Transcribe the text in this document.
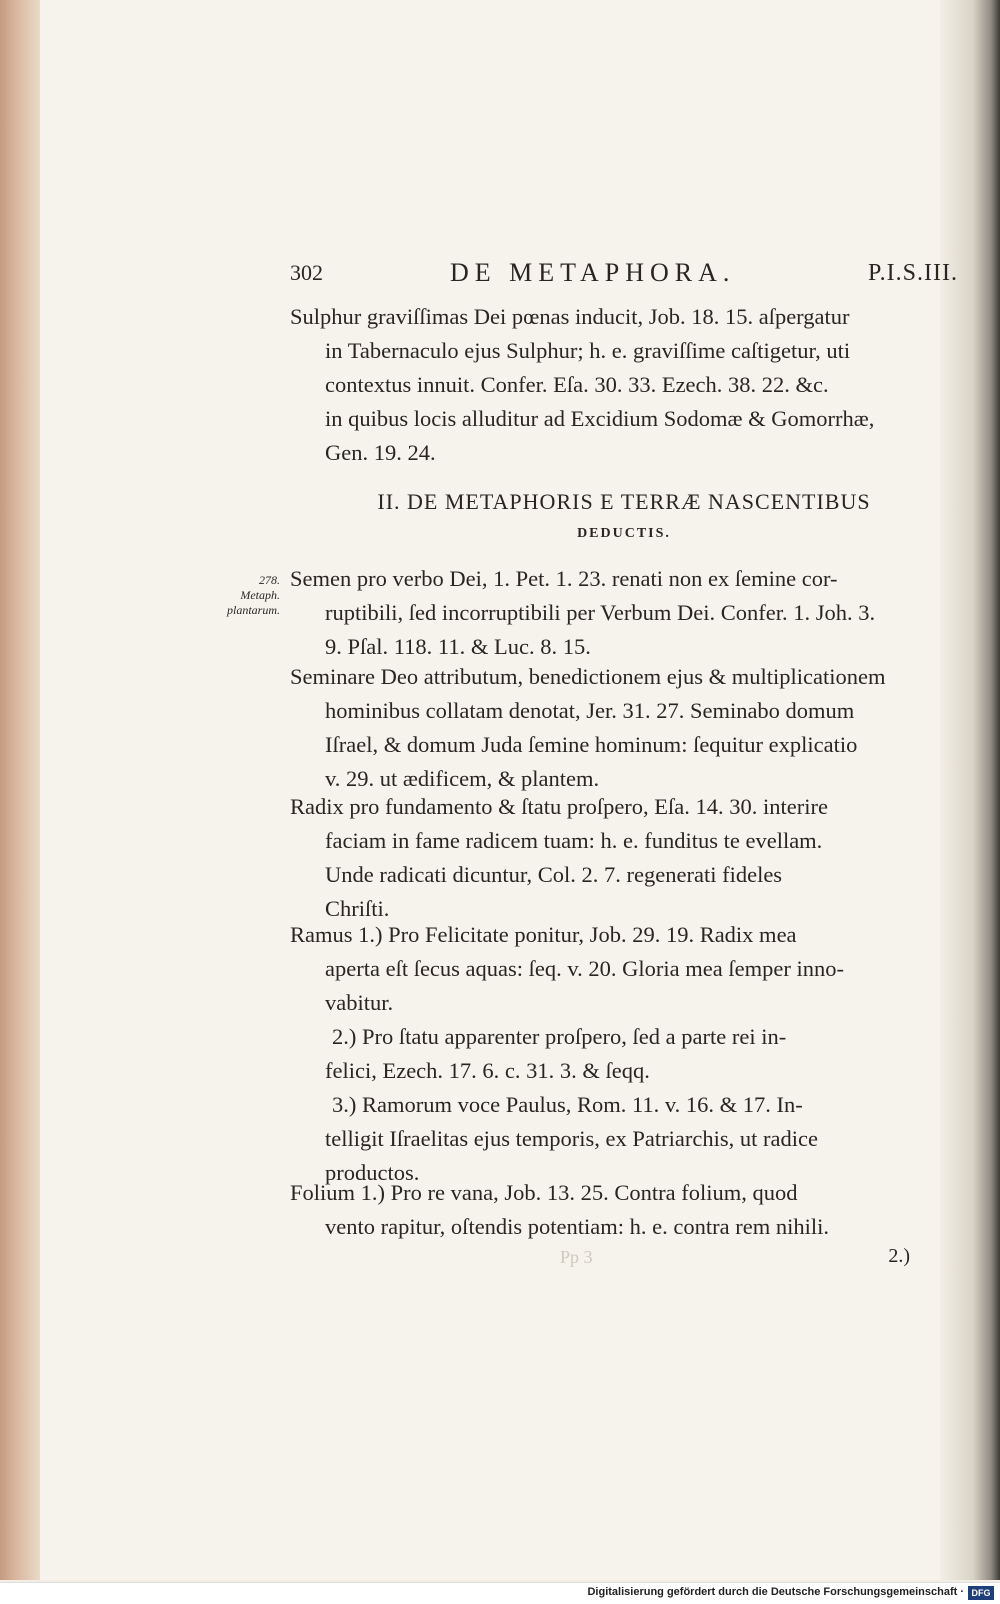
302	DE METAPHORA.	P.I.S.III.
Sulphur graviſſimas Dei pœnas inducit, Job. 18. 15. aſpergatur
in Tabernaculo ejus Sulphur; h. e. graviſſime caſtigetur, uti
contextus innuit. Confer. Eſa. 30. 33. Ezech. 38. 22. &c.
in quibus locis alluditur ad Excidium Sodomæ & Gomorrhæ,
Gen. 19. 24.
II. DE METAPHORIS E TERRÆ NASCENTIBUS
DEDUCTIS.
278.
Metaph.
plantarum.
Semen pro verbo Dei, 1. Pet. 1. 23. renati non ex ſemine cor-
ruptibili, ſed incorruptibili per Verbum Dei. Confer. 1. Joh. 3.
9. Pſal. 118. 11. & Luc. 8. 15.
Seminare Deo attributum, benedictionem ejus & multiplicationem
hominibus collatam denotat, Jer. 31. 27. Seminabo domum
Iſrael, & domum Juda ſemine hominum: ſequitur explicatio
v. 29. ut ædificem, & plantem.
Radix pro fundamento & ſtatu proſpero, Eſa. 14. 30. interire
faciam in fame radicem tuam: h. e. funditus te evellam.
Unde radicati dicuntur, Col. 2. 7. regenerati fideles
Chriſti.
Ramus 1.) Pro Felicitate ponitur, Job. 29. 19. Radix mea
aperta eſt ſecus aquas: ſeq. v. 20. Gloria mea ſemper inno-
vabitur.
2.) Pro ſtatu apparenter proſpero, ſed a parte rei in-
felici, Ezech. 17. 6. c. 31. 3. & ſeqq.
3.) Ramorum voce Paulus, Rom. 11. v. 16. & 17. In-
telligit Iſraelitas ejus temporis, ex Patriarchis, ut radice
productos.
Folium 1.) Pro re vana, Job. 13. 25. Contra folium, quod
vento rapitur, oſtendis potentiam: h. e. contra rem nihili.
Pp 3	2.)
Digitalisierung gefördert durch die Deutsche Forschungsgemeinschaft · DFG
